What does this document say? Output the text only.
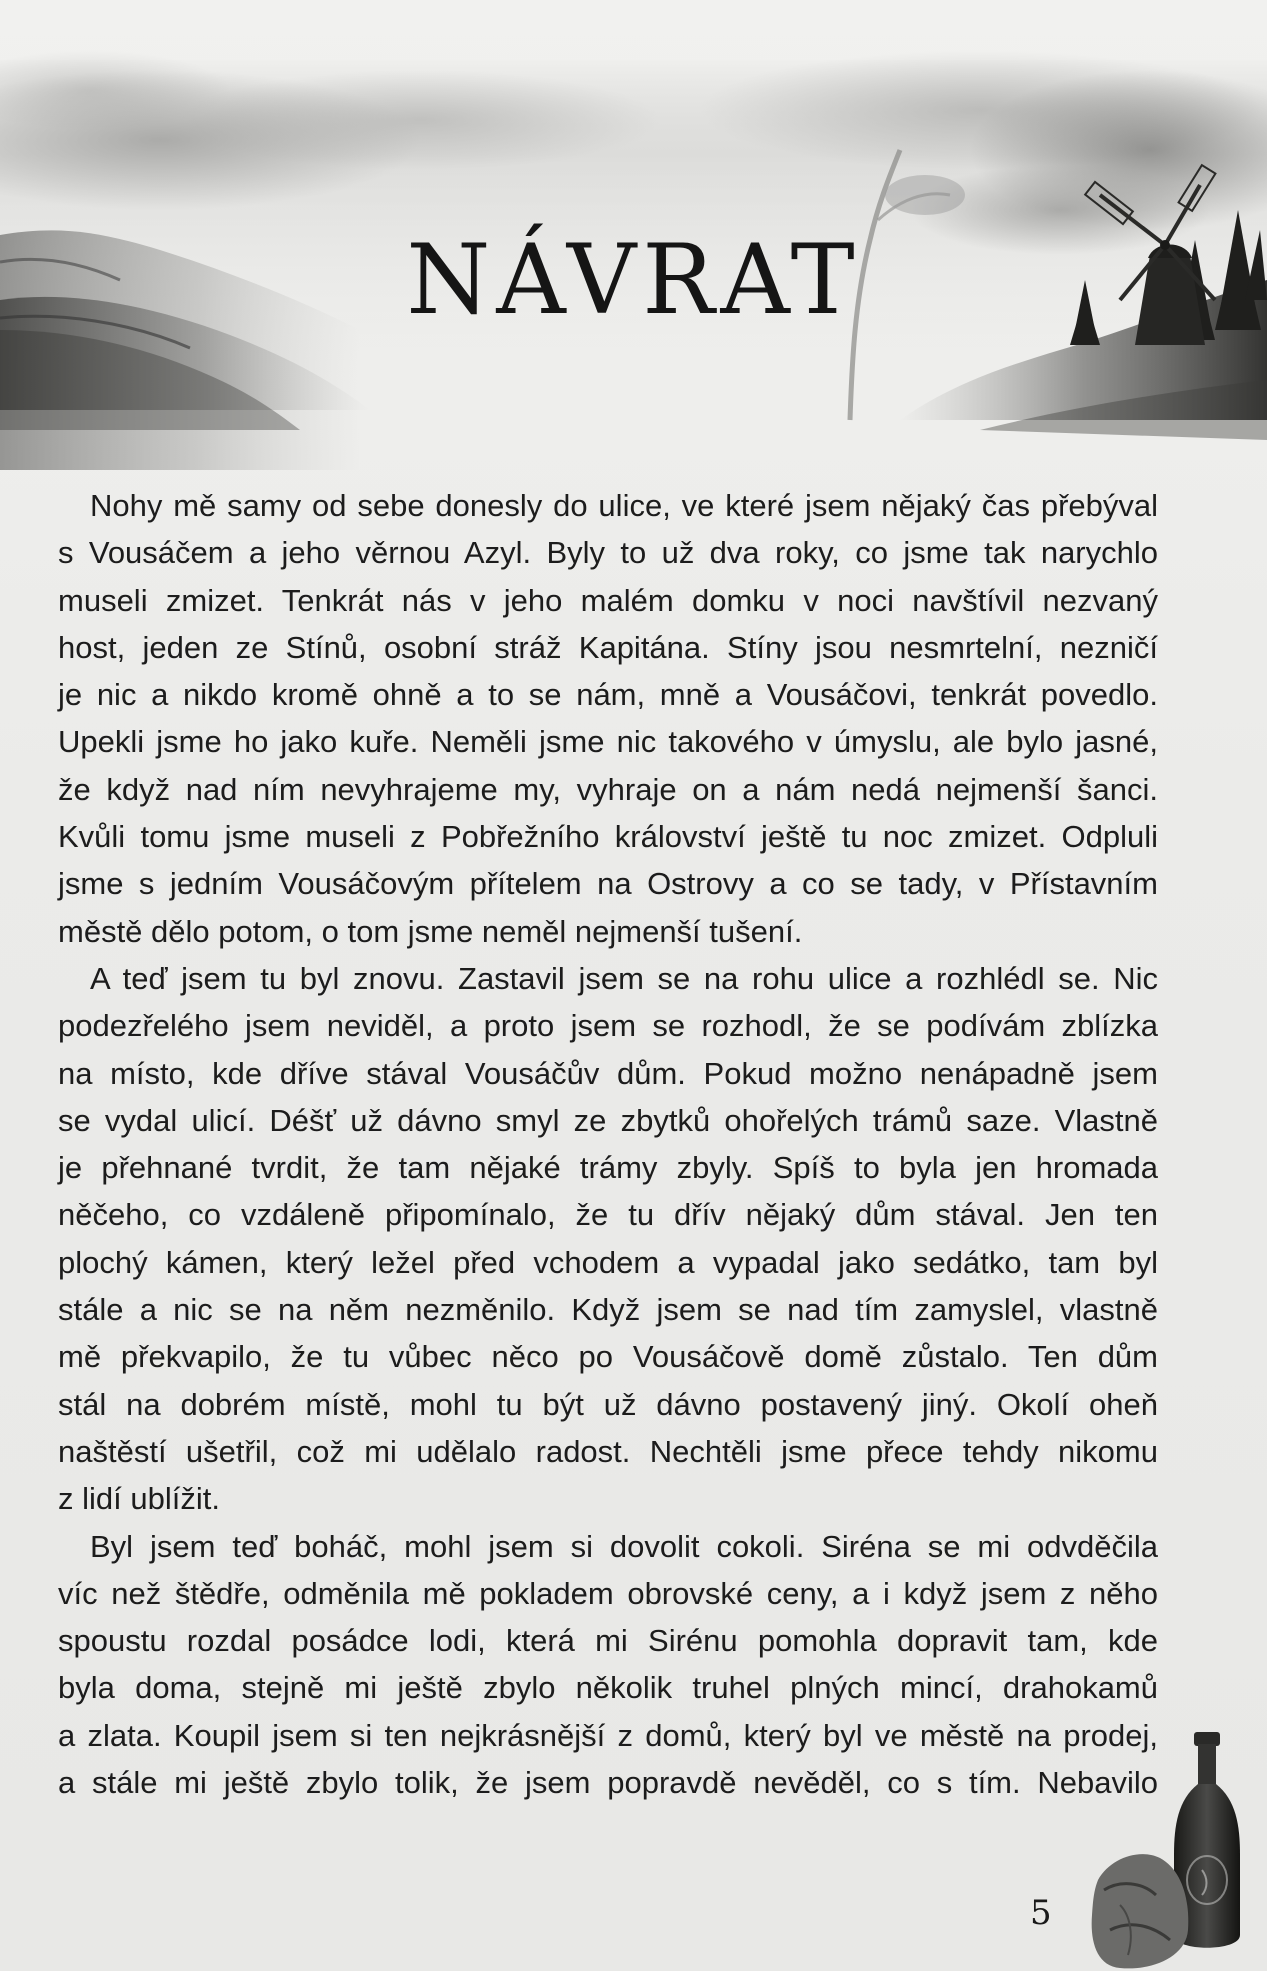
NÁVRAT
Nohy mě samy od sebe donesly do ulice, ve které jsem nějaký čas přebýval
s Vousáčem a jeho věrnou Azyl. Byly to už dva roky, co jsme tak narychlo
museli zmizet. Tenkrát nás v jeho malém domku v noci navštívil nezvaný
host, jeden ze Stínů, osobní stráž Kapitána. Stíny jsou nesmrtelní, nezničí
je nic a nikdo kromě ohně a to se nám, mně a Vousáčovi, tenkrát povedlo.
Upekli jsme ho jako kuře. Neměli jsme nic takového v úmyslu, ale bylo jasné,
že když nad ním nevyhrajeme my, vyhraje on a nám nedá nejmenší šanci.
Kvůli tomu jsme museli z Pobřežního království ještě tu noc zmizet. Odpluli
jsme s jedním Vousáčovým přítelem na Ostrovy a co se tady, v Přístavním
městě dělo potom, o tom jsme neměl nejmenší tušení.
A teď jsem tu byl znovu. Zastavil jsem se na rohu ulice a rozhlédl se. Nic
podezřelého jsem neviděl, a proto jsem se rozhodl, že se podívám zblízka
na místo, kde dříve stával Vousáčův dům. Pokud možno nenápadně jsem
se vydal ulicí. Déšť už dávno smyl ze zbytků ohořelých trámů saze. Vlastně
je přehnané tvrdit, že tam nějaké trámy zbyly. Spíš to byla jen hromada
něčeho, co vzdáleně připomínalo, že tu dřív nějaký dům stával. Jen ten
plochý kámen, který ležel před vchodem a vypadal jako sedátko, tam byl
stále a nic se na něm nezměnilo. Když jsem se nad tím zamyslel, vlastně
mě překvapilo, že tu vůbec něco po Vousáčově domě zůstalo. Ten dům
stál na dobrém místě, mohl tu být už dávno postavený jiný. Okolí oheň
naštěstí ušetřil, což mi udělalo radost. Nechtěli jsme přece tehdy nikomu
z lidí ublížit.
Byl jsem teď boháč, mohl jsem si dovolit cokoli. Siréna se mi odvděčila
víc než štědře, odměnila mě pokladem obrovské ceny, a i když jsem z něho
spoustu rozdal posádce lodi, která mi Sirénu pomohla dopravit tam, kde
byla doma, stejně mi ještě zbylo několik truhel plných mincí, drahokamů
a zlata. Koupil jsem si ten nejkrásnější z domů, který byl ve městě na prodej,
a stále mi ještě zbylo tolik, že jsem popravdě nevěděl, co s tím. Nebavilo
5
